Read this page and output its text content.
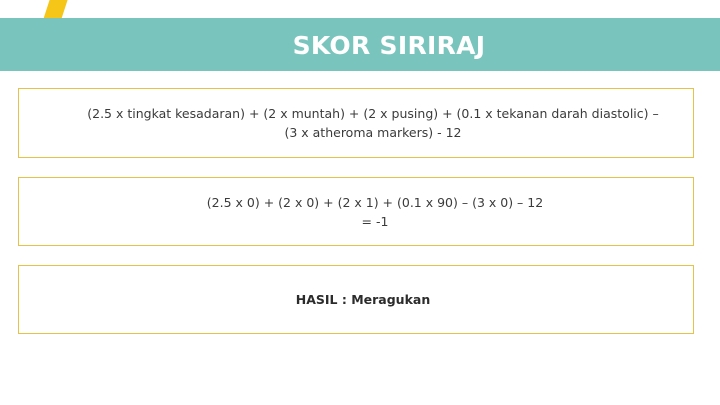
SKOR SIRIRAJ
(2.5 x tingkat kesadaran) + (2 x muntah) + (2 x pusing) + (0.1 x tekanan darah diastolic) –
(3 x atheroma markers) - 12
(2.5 x 0) + (2 x 0) + (2 x 1) + (0.1 x 90) – (3 x 0) – 12
= -1
HASIL : Meragukan
